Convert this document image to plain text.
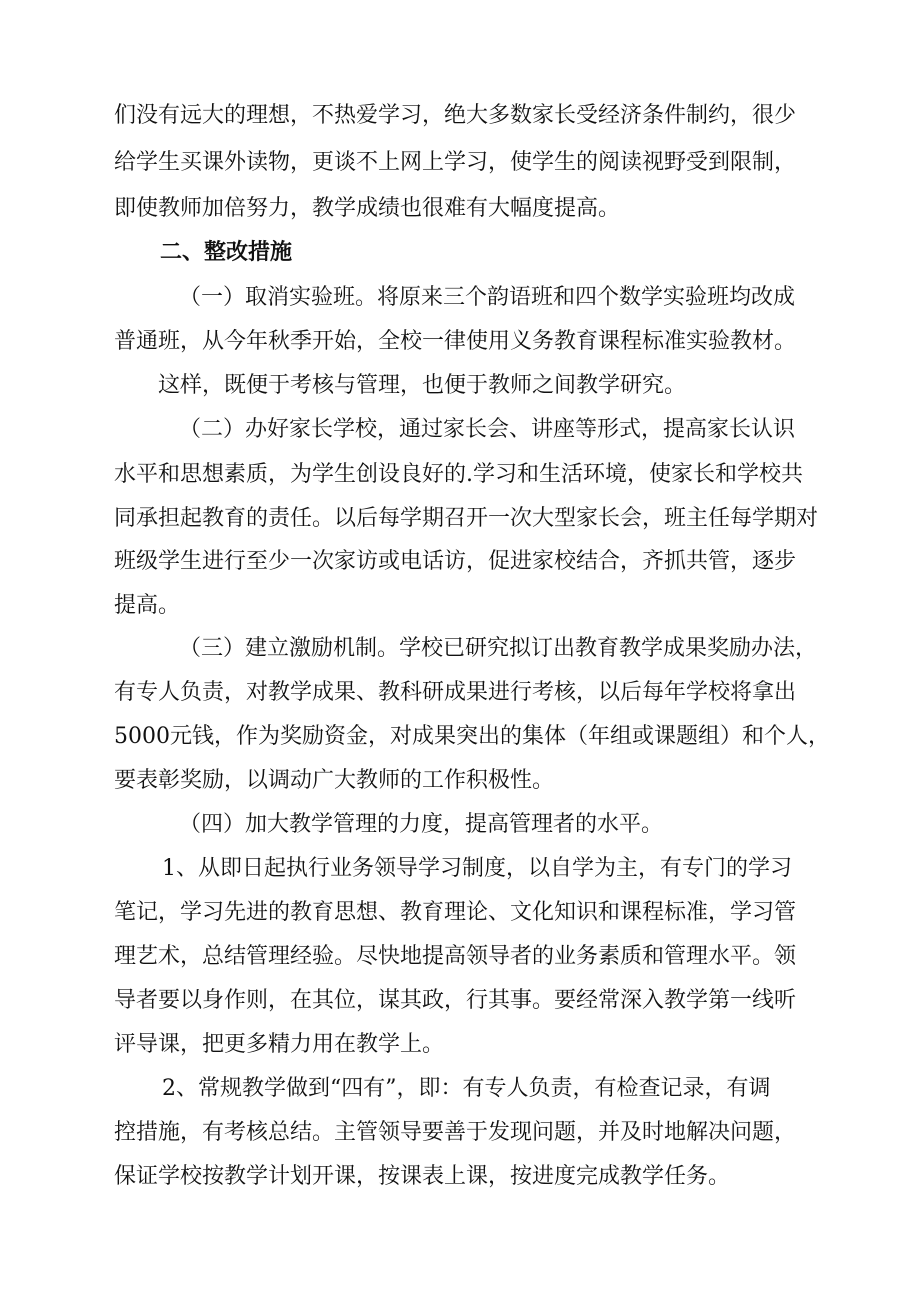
们没有远大的理想，不热爱学习，绝大多数家长受经济条件制约，很少
给学生买课外读物，更谈不上网上学习，使学生的阅读视野受到限制，
即使教师加倍努力，教学成绩也很难有大幅度提高。
二、整改措施
（一）取消实验班。将原来三个韵语班和四个数学实验班均改成
普通班，从今年秋季开始，全校一律使用义务教育课程标准实验教材。
这样，既便于考核与管理，也便于教师之间教学研究。
（二）办好家长学校，通过家长会、讲座等形式，提高家长认识
水平和思想素质，为学生创设良好的.学习和生活环境，使家长和学校共
同承担起教育的责任。以后每学期召开一次大型家长会，班主任每学期对
班级学生进行至少一次家访或电话访，促进家校结合，齐抓共管，逐步
提高。
（三）建立激励机制。学校已研究拟订出教育教学成果奖励办法，
有专人负责，对教学成果、教科研成果进行考核，以后每年学校将拿出
5000元钱，作为奖励资金，对成果突出的集体（年组或课题组）和个人，
要表彰奖励，以调动广大教师的工作积极性。
（四）加大教学管理的力度，提高管理者的水平。
1、从即日起执行业务领导学习制度，以自学为主，有专门的学习
笔记，学习先进的教育思想、教育理论、文化知识和课程标准，学习管
理艺术，总结管理经验。尽快地提高领导者的业务素质和管理水平。领
导者要以身作则，在其位，谋其政，行其事。要经常深入教学第一线听
评导课，把更多精力用在教学上。
2、常规教学做到“四有”，即：有专人负责，有检查记录，有调
控措施，有考核总结。主管领导要善于发现问题，并及时地解决问题，
保证学校按教学计划开课，按课表上课，按进度完成教学任务。
